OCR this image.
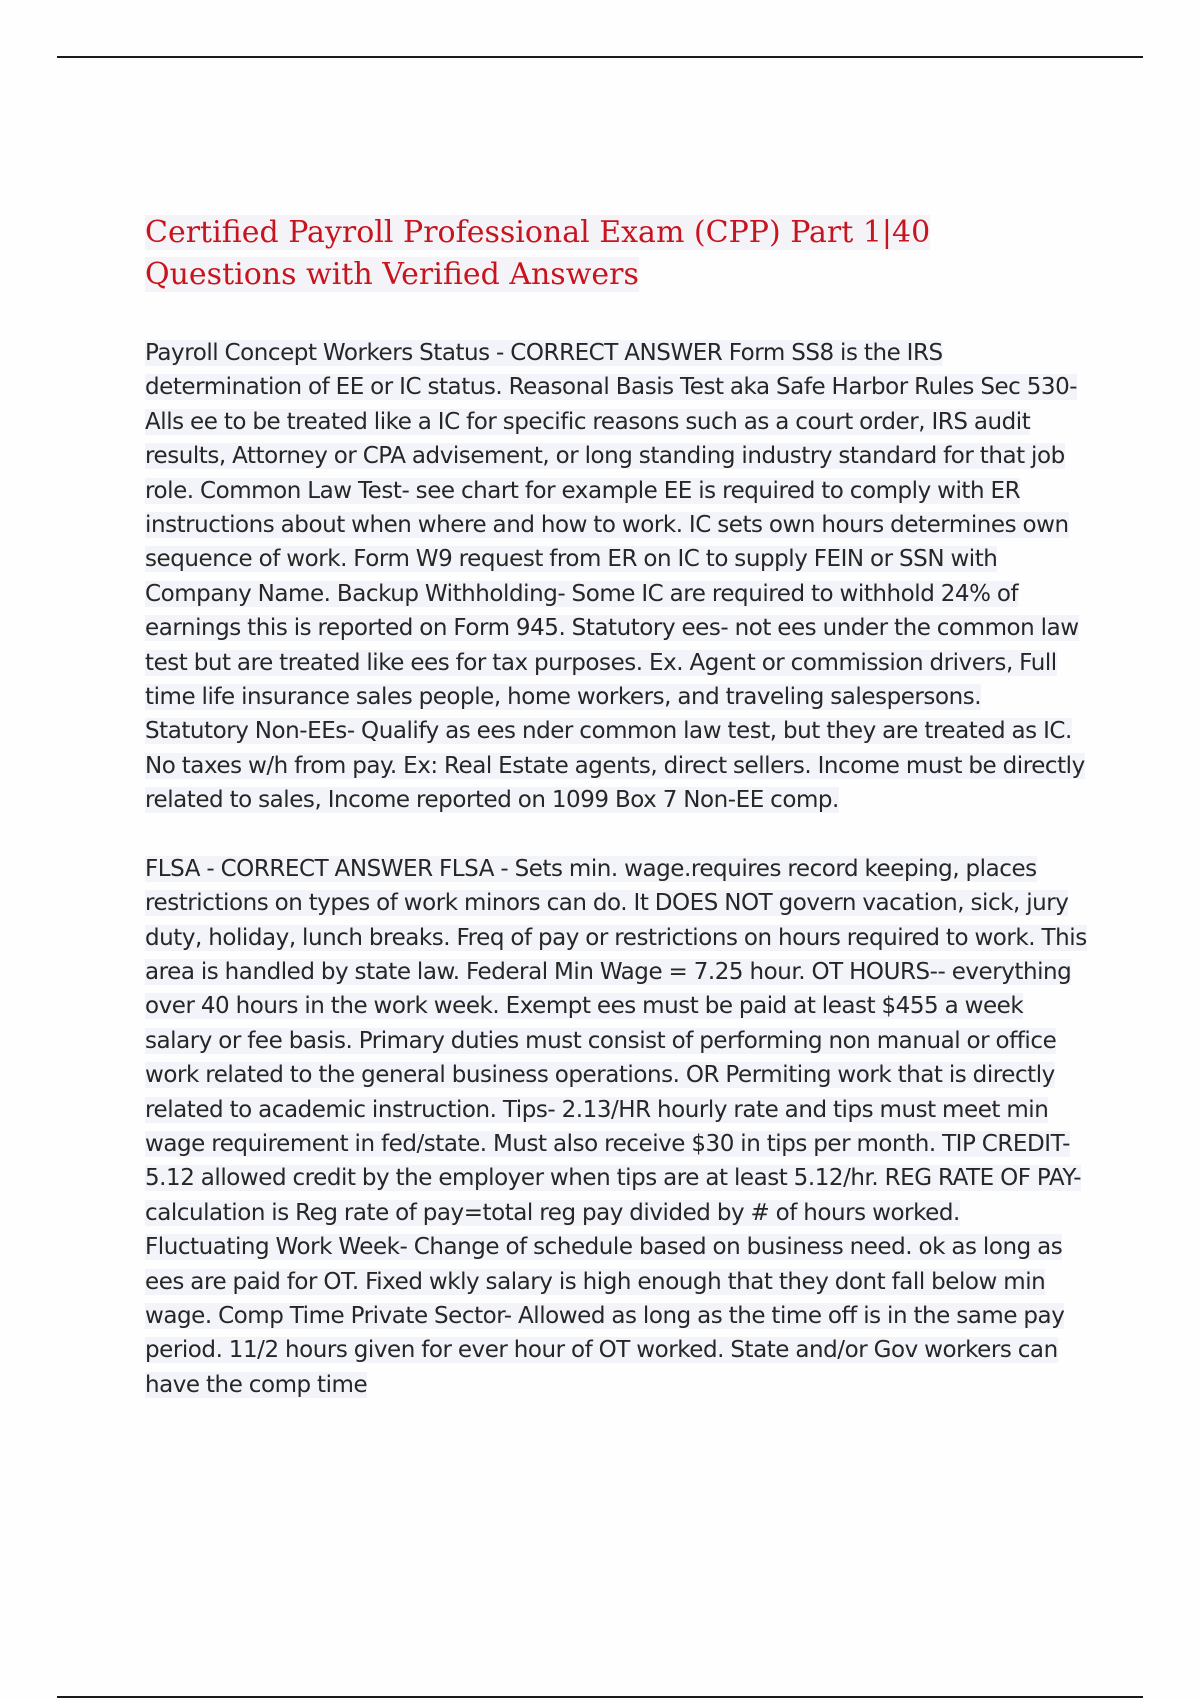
Certified Payroll Professional Exam (CPP) Part 1|40
Questions with Verified Answers

Payroll Concept Workers Status - CORRECT ANSWER Form SS8 is the IRS determination of EE or IC status. Reasonal Basis Test aka Safe Harbor Rules Sec 530-Alls ee to be treated like a IC for specific reasons such as a court order, IRS audit results, Attorney or CPA advisement, or long standing industry standard for that job role. Common Law Test- see chart for example EE is required to comply with ER instructions about when where and how to work. IC sets own hours determines own sequence of work. Form W9 request from ER on IC to supply FEIN or SSN with Company Name. Backup Withholding- Some IC are required to withhold 24% of earnings this is reported on Form 945. Statutory ees- not ees under the common law test but are treated like ees for tax purposes. Ex. Agent or commission drivers, Full time life insurance sales people, home workers, and traveling salespersons. Statutory Non-EEs- Qualify as ees nder common law test, but they are treated as IC. No taxes w/h from pay. Ex: Real Estate agents, direct sellers. Income must be directly related to sales, Income reported on 1099 Box 7 Non-EE comp.

FLSA - CORRECT ANSWER FLSA - Sets min. wage.requires record keeping, places restrictions on types of work minors can do. It DOES NOT govern vacation, sick, jury duty, holiday, lunch breaks. Freq of pay or restrictions on hours required to work. This area is handled by state law. Federal Min Wage = 7.25 hour. OT HOURS-- everything over 40 hours in the work week. Exempt ees must be paid at least $455 a week salary or fee basis. Primary duties must consist of performing non manual or office work related to the general business operations. OR Permiting work that is directly related to academic instruction. Tips- 2.13/HR hourly rate and tips must meet min wage requirement in fed/state. Must also receive $30 in tips per month. TIP CREDIT- 5.12 allowed credit by the employer when tips are at least 5.12/hr. REG RATE OF PAY- calculation is Reg rate of pay=total reg pay divided by # of hours worked. Fluctuating Work Week- Change of schedule based on business need. ok as long as ees are paid for OT. Fixed wkly salary is high enough that they dont fall below min wage. Comp Time Private Sector- Allowed as long as the time off is in the same pay period. 11/2 hours given for ever hour of OT worked. State and/or Gov workers can have the comp time
